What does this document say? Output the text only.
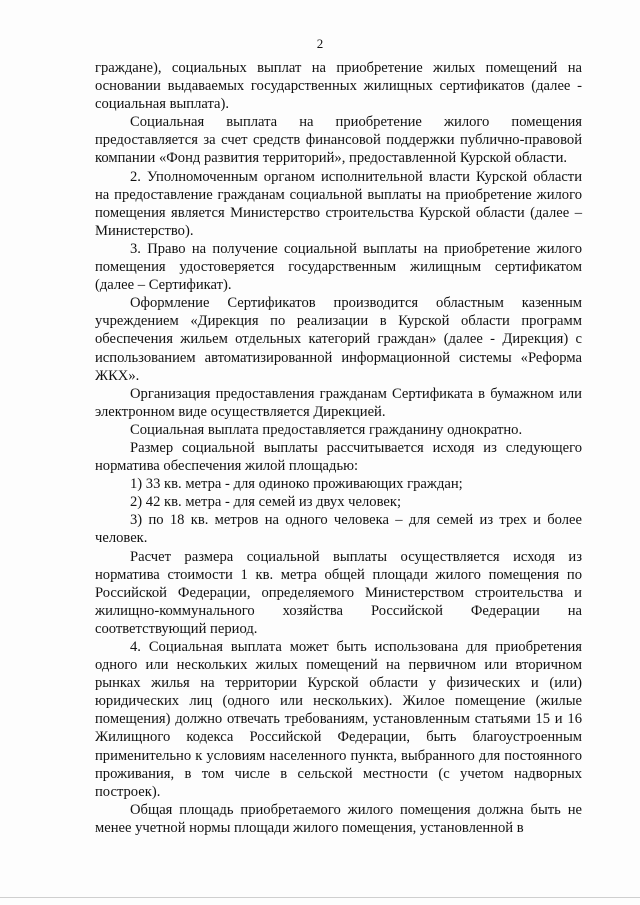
2

граждане), социальных выплат на приобретение жилых помещений на основании выдаваемых государственных жилищных сертификатов (далее - социальная выплата).

Социальная выплата на приобретение жилого помещения предоставляется за счет средств финансовой поддержки публично-правовой компании «Фонд развития территорий», предоставленной Курской области.

2. Уполномоченным органом исполнительной власти Курской области на предоставление гражданам социальной выплаты на приобретение жилого помещения является Министерство строительства Курской области (далее – Министерство).

3. Право на получение социальной выплаты на приобретение жилого помещения удостоверяется государственным жилищным сертификатом (далее – Сертификат).

Оформление Сертификатов производится областным казенным учреждением «Дирекция по реализации в Курской области программ обеспечения жильем отдельных категорий граждан» (далее - Дирекция) с использованием автоматизированной информационной системы «Реформа ЖКХ».

Организация предоставления гражданам Сертификата в бумажном или электронном виде осуществляется Дирекцией.

Социальная выплата предоставляется гражданину однократно.

Размер социальной выплаты рассчитывается исходя из следующего норматива обеспечения жилой площадью:

1) 33 кв. метра - для одиноко проживающих граждан;

2) 42 кв. метра - для семей из двух человек;

3) по 18 кв. метров на одного человека – для семей из трех и более человек.

Расчет размера социальной выплаты осуществляется исходя из норматива стоимости 1 кв. метра общей площади жилого помещения по Российской Федерации, определяемого Министерством строительства и жилищно-коммунального хозяйства Российской Федерации на соответствующий период.

4. Социальная выплата может быть использована для приобретения одного или нескольких жилых помещений на первичном или вторичном рынках жилья на территории Курской области у физических и (или) юридических лиц (одного или нескольких). Жилое помещение (жилые помещения) должно отвечать требованиям, установленным статьями 15 и 16 Жилищного кодекса Российской Федерации, быть благоустроенным применительно к условиям населенного пункта, выбранного для постоянного проживания, в том числе в сельской местности (с учетом надворных построек).

Общая площадь приобретаемого жилого помещения должна быть не менее учетной нормы площади жилого помещения, установленной в
